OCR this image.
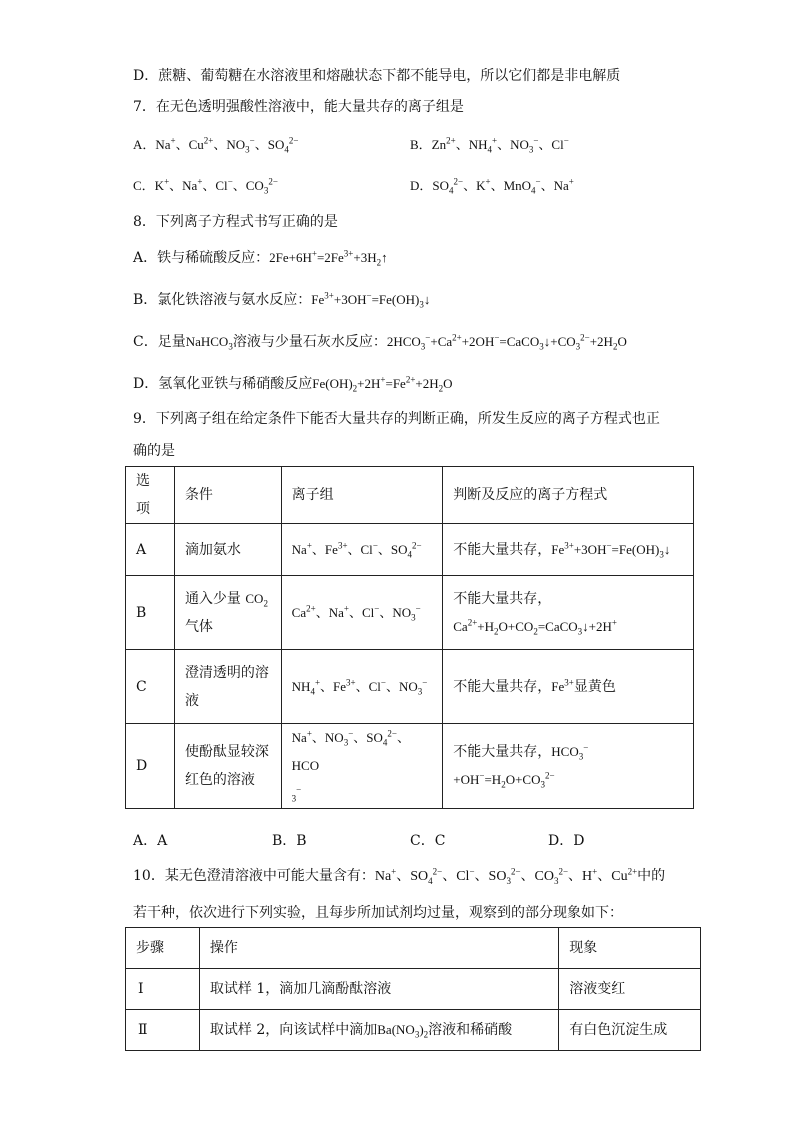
D．蔗糖、葡萄糖在水溶液里和熔融状态下都不能导电，所以它们都是非电解质
7．在无色透明强酸性溶液中，能大量共存的离子组是
A．Na+、$Cu^{2+}$、$NO_3^-$、$SO_4^{2-}$	B．$Zn^{2+}$、$NH_4^+$、$NO_3^-$、Cl−
C．K+、Na+、Cl−、$CO_3^{2-}$	D．$SO_4^{2-}$、K+、MnO$_4$−、Na+
8．下列离子方程式书写正确的是
A．铁与稀硫酸反应：$2Fe+6H^+=2Fe^{3+}+3H_2↑$
B．氯化铁溶液与氨水反应：$Fe^{3+}+3OH^-=Fe(OH)_3↓$
C．足量NaHCO$_3$溶液与少量石灰水反应：$2HCO_3^-+Ca^{2+}+2OH^-=CaCO_3↓+CO_3^{2-}+2H_2O$
D．氢氧化亚铁与稀硝酸反应$Fe(OH)_2+2H^+=Fe^{2+}+2H_2O$
9．下列离子组在给定条件下能否大量共存的判断正确，所发生反应的离子方程式也正
确的是
选项	条件	离子组	判断及反应的离子方程式
A	滴加氨水	Na+、$Fe^{3+}$、Cl−、$SO_4^{2-}$	不能大量共存，$Fe^{3+}+3OH^-=Fe(OH)_3↓$
B	通入少量 $CO_2$
气体	$Ca^{2+}$、Na+、Cl−、$NO_3^-$	不能大量共存，
$Ca^{2+}+H_2O+CO_2=CaCO_3↓+2H^+$
C	澄清透明的溶
液	$NH_4^+$、$Fe^{3+}$、Cl−、$NO_3^-$	不能大量共存，$Fe^{3+}$显黄色
D	使酚酞显较深
红色的溶液	Na+、$NO_3^-$、$SO_4^{2-}$、HCO
$_3$−	不能大量共存，$HCO_3^-+OH^-=H_2O+CO_3^{2-}$
A．A	B．B	C．C	D．D
10．某无色澄清溶液中可能大量含有：Na+、$SO_4^{2-}$、Cl−、$SO_3^{2-}$、$CO_3^{2-}$、H+、$Cu^{2+}$中的
若干种，依次进行下列实验，且每步所加试剂均过量，观察到的部分现象如下：
步骤	操作	现象
Ⅰ	取试样 1，滴加几滴酚酞溶液	溶液变红
Ⅱ	取试样 2，向该试样中滴加$Ba(NO_3)_2$溶液和稀硝酸	有白色沉淀生成
